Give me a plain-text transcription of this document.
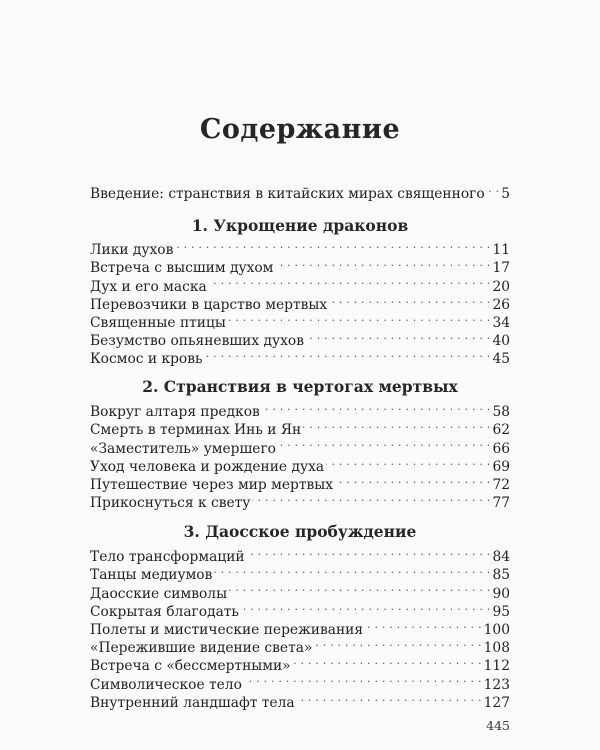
Содержание
Введение: странствия в китайских мирах священного . . . 5
1. Укрощение драконов
Лики духов . . .	11
Встреча с высшим духом . . .	17
Дух и его маска . . .	20
Перевозчики в царство мертвых . . .	26
Священные птицы . . .	34
Безумство опьяневших духов . . .	40
Космос и кровь . . .	45
2. Странствия в чертогах мертвых
Вокруг алтаря предков . . .	58
Смерть в терминах Инь и Ян . . .	62
«Заместитель» умершего . . .	66
Уход человека и рождение духа . . .	69
Путешествие через мир мертвых . . .	72
Прикоснуться к свету . . .	77
3. Даосское пробуждение
Тело трансформаций . . .	84
Танцы медиумов . . .	85
Даосские символы . . .	90
Сокрытая благодать . . .	95
Полеты и мистические переживания . . .	100
«Пережившие видение света» . . .	108
Встреча с «бессмертными» . . .	112
Символическое тело . . .	123
Внутренний ландшафт тела . . .	127
445
